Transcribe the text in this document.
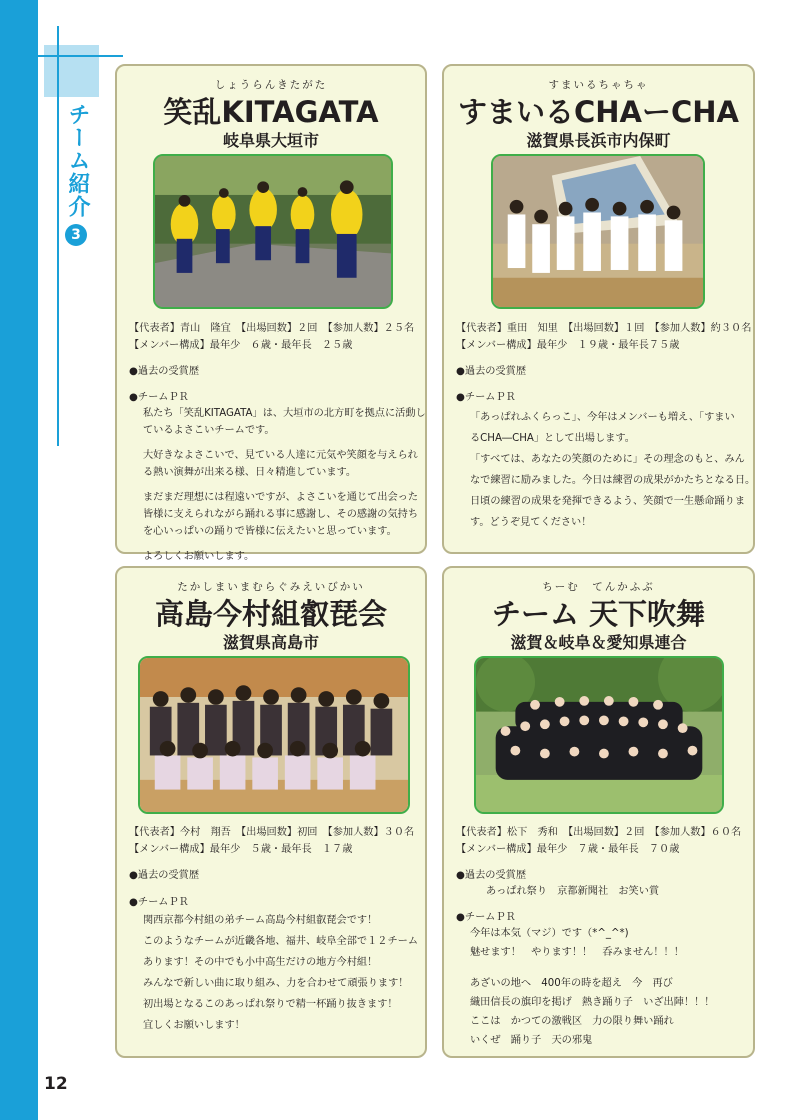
チーム紹介
3
12
しょうらんきたがた
笑乱KITAGATA
岐阜県大垣市
【代表者】青山　隆宜　【出場回数】２回　【参加人数】２５名
【メンバー構成】最年少　６歳・最年長　２５歳
●過去の受賞歴
●チームＰＲ
私たち「笑乱KITAGATA」は、大垣市の北方町を拠点に活動し
ているよさこいチームです。
大好きなよさこいで、見ている人達に元気や笑顔を与えられ
る熱い演舞が出来る様、日々精進しています。
まだまだ理想には程遠いですが、よさこいを通じて出会った
皆様に支えられながら踊れる事に感謝し、その感謝の気持ち
を心いっぱいの踊りで皆様に伝えたいと思っています。
よろしくお願いします。
すまいるちゃちゃ
すまいるCHAーCHA
滋賀県長浜市内保町
【代表者】重田　知里　【出場回数】１回　【参加人数】約３０名
【メンバー構成】最年少　１９歳・最年長７５歳
●過去の受賞歴
●チームＰＲ
「あっぱれふくらっこ」、今年はメンバーも増え、「すまい
るCHA―CHA」として出場します。
「すべては、あなたの笑顔のために」その理念のもと、みん
なで練習に励みました。今日は練習の成果がかたちとなる日。
日頃の練習の成果を発揮できるよう、笑顔で一生懸命踊りま
す。どうぞ見てください！
たかしまいまむらぐみえいびかい
高島今村組叡琵会
滋賀県高島市
【代表者】今村　翔吾　【出場回数】初回　【参加人数】３０名
【メンバー構成】最年少　５歳・最年長　１７歳
●過去の受賞歴
●チームＰＲ
関西京都今村組の弟チーム高島今村組叡琵会です！
このようなチームが近畿各地、福井、岐阜全部で１２チーム
あります！その中でも小中高生だけの地方今村組！
みんなで新しい曲に取り組み、力を合わせて頑張ります！
初出場となるこのあっぱれ祭りで精一杯踊り抜きます！
宜しくお願いします！
ちーむ　てんかふぶ
チーム 天下吹舞
滋賀＆岐阜＆愛知県連合
【代表者】松下　秀和　【出場回数】２回　【参加人数】６０名
【メンバー構成】最年少　７歳・最年長　７０歳
●過去の受賞歴
あっぱれ祭り　京都新聞社　お笑い賞
●チームＰＲ
今年は本気（マジ）です（*^_^*)
魅せます！　やります！！　呑みません！！！
あざいの地へ　400年の時を超え　今　再び
織田信長の旗印を掲げ　熱き踊り子　いざ出陣！！！
ここは　かつての激戦区　力の限り舞い踊れ
いくぜ　踊り子　天の邪鬼
